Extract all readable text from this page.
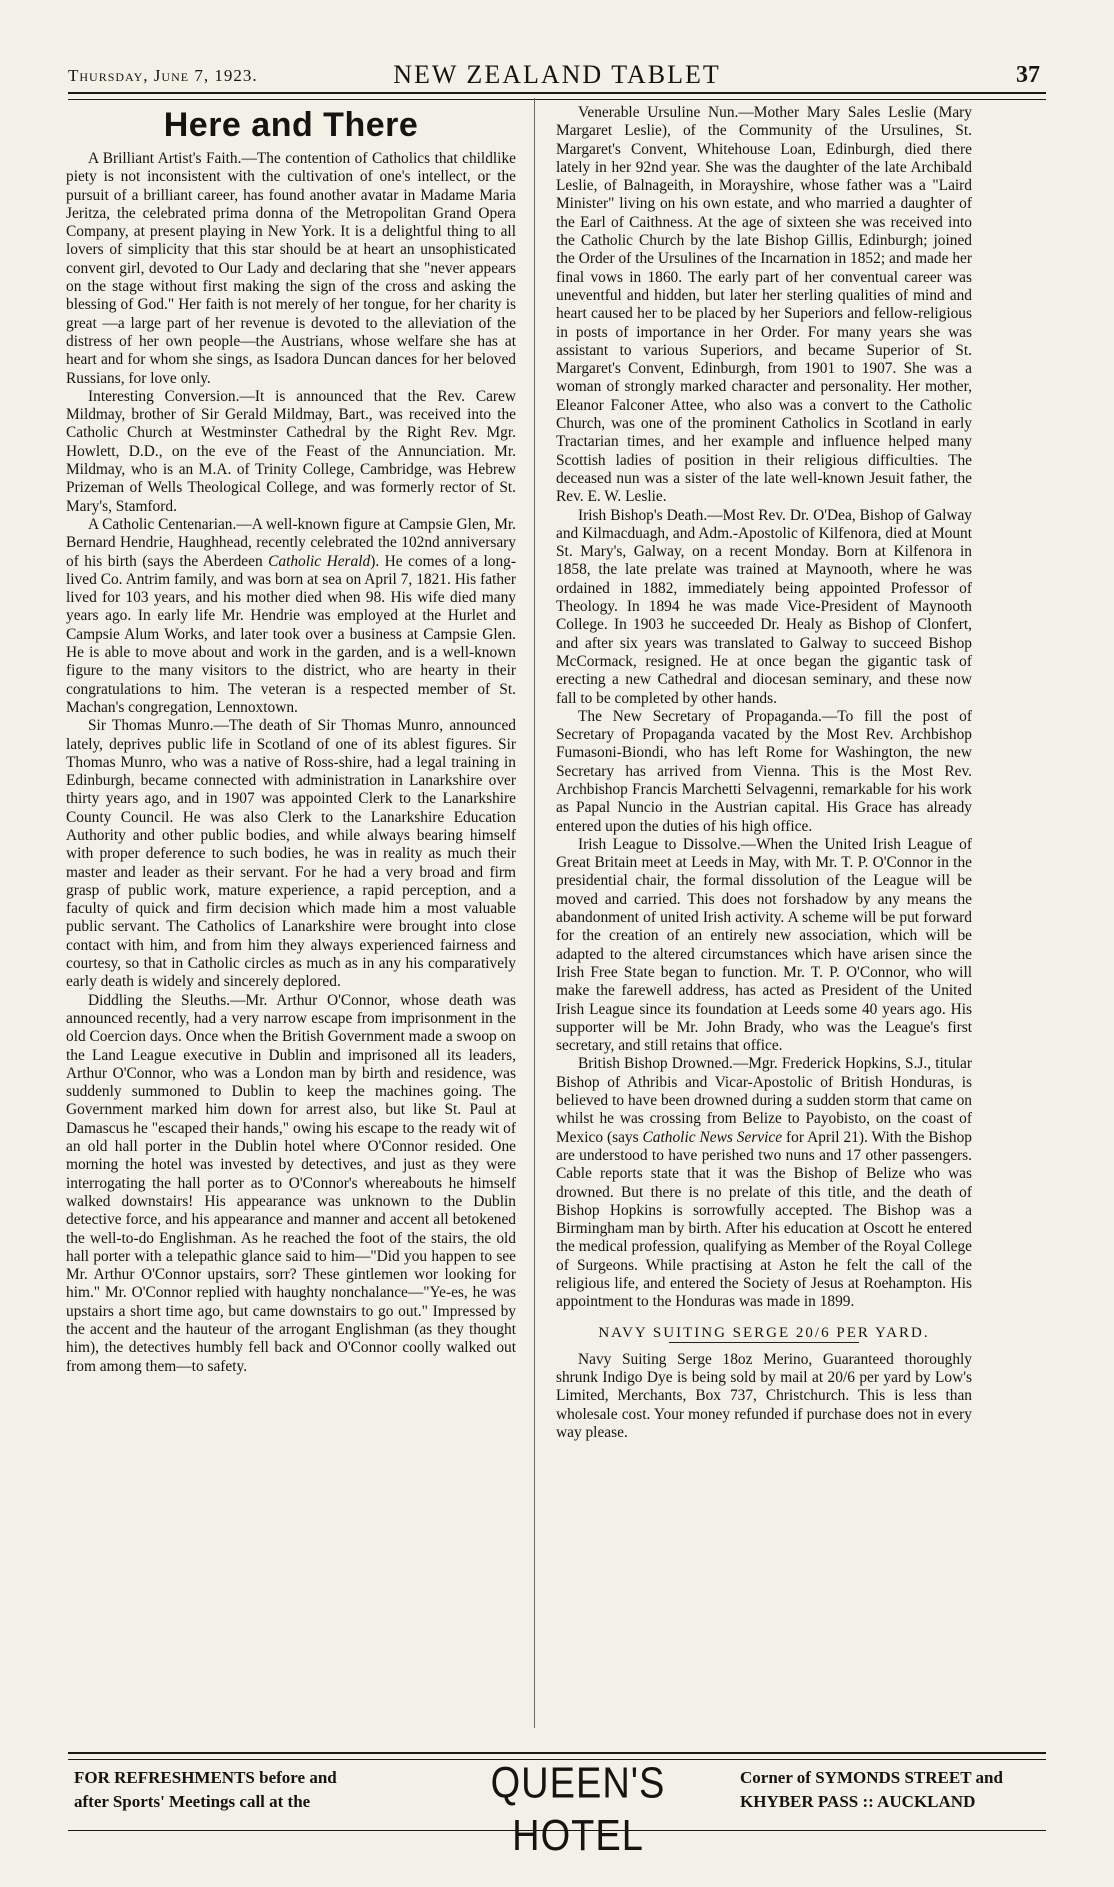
Thursday, June 7, 1923.	NEW ZEALAND TABLET	37
Here and There

A Brilliant Artist's Faith.—The contention of Catholics that childlike piety is not inconsistent with the cultivation of one's intellect, or the pursuit of a brilliant career, has found another avatar in Madame Maria Jeritza, the celebrated prima donna of the Metropolitan Grand Opera Company, at present playing in New York. It is a delightful thing to all lovers of simplicity that this star should be at heart an unsophisticated convent girl, devoted to Our Lady and declaring that she "never appears on the stage without first making the sign of the cross and asking the blessing of God." Her faith is not merely of her tongue, for her charity is great —a large part of her revenue is devoted to the alleviation of the distress of her own people—the Austrians, whose welfare she has at heart and for whom she sings, as Isadora Duncan dances for her beloved Russians, for love only.

Interesting Conversion.—It is announced that the Rev. Carew Mildmay, brother of Sir Gerald Mildmay, Bart., was received into the Catholic Church at Westminster Cathedral by the Right Rev. Mgr. Howlett, D.D., on the eve of the Feast of the Annunciation. Mr. Mildmay, who is an M.A. of Trinity College, Cambridge, was Hebrew Prizeman of Wells Theological College, and was formerly rector of St. Mary's, Stamford.

A Catholic Centenarian.—A well-known figure at Campsie Glen, Mr. Bernard Hendrie, Haughhead, recently celebrated the 102nd anniversary of his birth (says the Aberdeen Catholic Herald). He comes of a long-lived Co. Antrim family, and was born at sea on April 7, 1821. His father lived for 103 years, and his mother died when 98. His wife died many years ago. In early life Mr. Hendrie was employed at the Hurlet and Campsie Alum Works, and later took over a business at Campsie Glen. He is able to move about and work in the garden, and is a well-known figure to the many visitors to the district, who are hearty in their congratulations to him. The veteran is a respected member of St. Machan's congregation, Lennoxtown.

Sir Thomas Munro.—The death of Sir Thomas Munro, announced lately, deprives public life in Scotland of one of its ablest figures. Sir Thomas Munro, who was a native of Ross-shire, had a legal training in Edinburgh, became connected with administration in Lanarkshire over thirty years ago, and in 1907 was appointed Clerk to the Lanarkshire County Council. He was also Clerk to the Lanarkshire Education Authority and other public bodies, and while always bearing himself with proper deference to such bodies, he was in reality as much their master and leader as their servant. For he had a very broad and firm grasp of public work, mature experience, a rapid perception, and a faculty of quick and firm decision which made him a most valuable public servant. The Catholics of Lanarkshire were brought into close contact with him, and from him they always experienced fairness and courtesy, so that in Catholic circles as much as in any his comparatively early death is widely and sincerely deplored.

Diddling the Sleuths.—Mr. Arthur O'Connor, whose death was announced recently, had a very narrow escape from imprisonment in the old Coercion days. Once when the British Government made a swoop on the Land League executive in Dublin and imprisoned all its leaders, Arthur O'Connor, who was a London man by birth and residence, was suddenly summoned to Dublin to keep the machines going. The Government marked him down for arrest also, but like St. Paul at Damascus he "escaped their hands," owing his escape to the ready wit of an old hall porter in the Dublin hotel where O'Connor resided. One morning the hotel was invested by detectives, and just as they were interrogating the hall porter as to O'Connor's whereabouts he himself walked downstairs! His appearance was unknown to the Dublin detective force, and his appearance and manner and accent all betokened the well-to-do Englishman. As he reached the foot of the stairs, the old hall porter with a telepathic glance said to him—"Did you happen to see Mr. Arthur O'Connor upstairs, sorr? These gintlemen wor looking for him." Mr. O'Connor replied with haughty nonchalance—"Ye-es, he was upstairs a short time ago, but came downstairs to go out." Impressed by the accent and the hauteur of the arrogant Englishman (as they thought him), the detectives humbly fell back and O'Connor coolly walked out from among them—to safety.

Venerable Ursuline Nun.—Mother Mary Sales Leslie (Mary Margaret Leslie), of the Community of the Ursulines, St. Margaret's Convent, Whitehouse Loan, Edinburgh, died there lately in her 92nd year. She was the daughter of the late Archibald Leslie, of Balnageith, in Morayshire, whose father was a "Laird Minister" living on his own estate, and who married a daughter of the Earl of Caithness. At the age of sixteen she was received into the Catholic Church by the late Bishop Gillis, Edinburgh; joined the Order of the Ursulines of the Incarnation in 1852; and made her final vows in 1860. The early part of her conventual career was uneventful and hidden, but later her sterling qualities of mind and heart caused her to be placed by her Superiors and fellow-religious in posts of importance in her Order. For many years she was assistant to various Superiors, and became Superior of St. Margaret's Convent, Edinburgh, from 1901 to 1907. She was a woman of strongly marked character and personality. Her mother, Eleanor Falconer Attee, who also was a convert to the Catholic Church, was one of the prominent Catholics in Scotland in early Tractarian times, and her example and influence helped many Scottish ladies of position in their religious difficulties. The deceased nun was a sister of the late well-known Jesuit father, the Rev. E. W. Leslie.

Irish Bishop's Death.—Most Rev. Dr. O'Dea, Bishop of Galway and Kilmacduagh, and Adm.-Apostolic of Kilfenora, died at Mount St. Mary's, Galway, on a recent Monday. Born at Kilfenora in 1858, the late prelate was trained at Maynooth, where he was ordained in 1882, immediately being appointed Professor of Theology. In 1894 he was made Vice-President of Maynooth College. In 1903 he succeeded Dr. Healy as Bishop of Clonfert, and after six years was translated to Galway to succeed Bishop McCormack, resigned. He at once began the gigantic task of erecting a new Cathedral and diocesan seminary, and these now fall to be completed by other hands.

The New Secretary of Propaganda.—To fill the post of Secretary of Propaganda vacated by the Most Rev. Archbishop Fumasoni-Biondi, who has left Rome for Washington, the new Secretary has arrived from Vienna. This is the Most Rev. Archbishop Francis Marchetti Selvagenni, remarkable for his work as Papal Nuncio in the Austrian capital. His Grace has already entered upon the duties of his high office.

Irish League to Dissolve.—When the United Irish League of Great Britain meet at Leeds in May, with Mr. T. P. O'Connor in the presidential chair, the formal dissolution of the League will be moved and carried. This does not forshadow by any means the abandonment of united Irish activity. A scheme will be put forward for the creation of an entirely new association, which will be adapted to the altered circumstances which have arisen since the Irish Free State began to function. Mr. T. P. O'Connor, who will make the farewell address, has acted as President of the United Irish League since its foundation at Leeds some 40 years ago. His supporter will be Mr. John Brady, who was the League's first secretary, and still retains that office.

British Bishop Drowned.—Mgr. Frederick Hopkins, S.J., titular Bishop of Athribis and Vicar-Apostolic of British Honduras, is believed to have been drowned during a sudden storm that came on whilst he was crossing from Belize to Payobisto, on the coast of Mexico (says Catholic News Service for April 21). With the Bishop are understood to have perished two nuns and 17 other passengers. Cable reports state that it was the Bishop of Belize who was drowned. But there is no prelate of this title, and the death of Bishop Hopkins is sorrowfully accepted. The Bishop was a Birmingham man by birth. After his education at Oscott he entered the medical profession, qualifying as Member of the Royal College of Surgeons. While practising at Aston he felt the call of the religious life, and entered the Society of Jesus at Roehampton. His appointment to the Honduras was made in 1899.

NAVY SUITING SERGE 20/6 PER YARD.

Navy Suiting Serge 18oz Merino, Guaranteed thoroughly shrunk Indigo Dye is being sold by mail at 20/6 per yard by Low's Limited, Merchants, Box 737, Christchurch. This is less than wholesale cost. Your money refunded if purchase does not in every way please.

FOR REFRESHMENTS before and
after Sports' Meetings call at the	QUEEN'S HOTEL
Corner of SYMONDS STREET and
KHYBER PASS :: AUCKLAND
